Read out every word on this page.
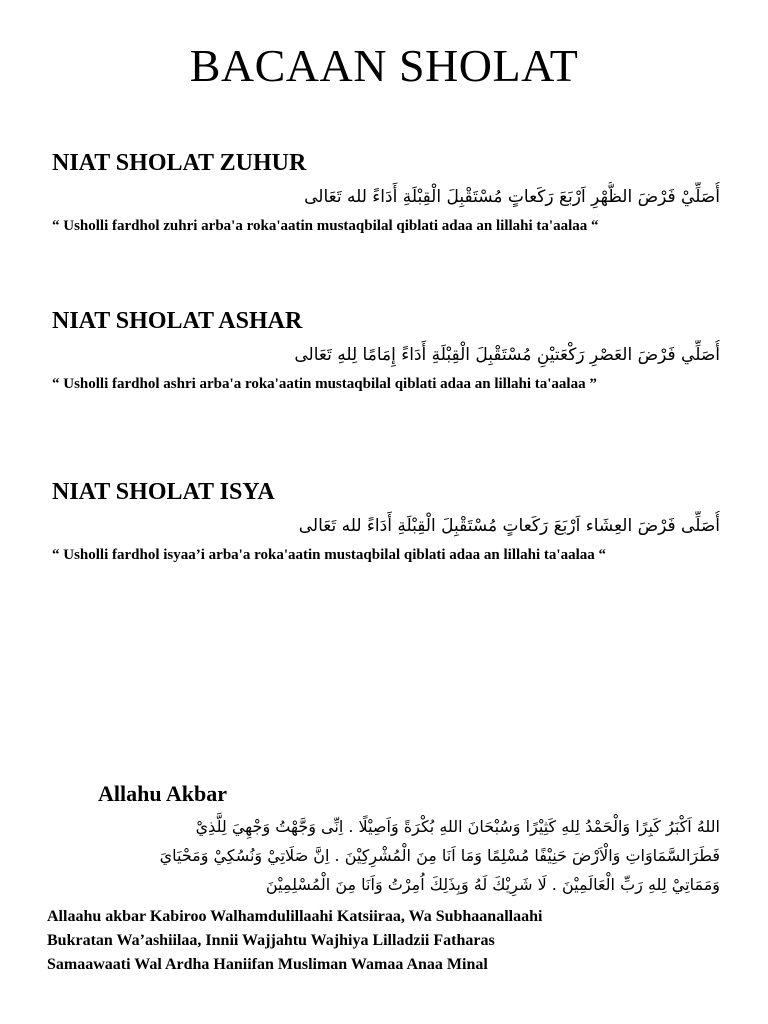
BACAAN SHOLAT
NIAT SHOLAT ZUHUR
أُصَلِّيْ فَرْضَ الظُّهْرِ اَرْبَعَ رَكَعاتٍ مُسْتَقْبِلَ الْقِبْلَةِ أَدَاءً لله تَعَالى
“ Usholli fardhol zuhri arba'a roka'aatin mustaqbilal qiblati adaa an lillahi ta'aalaa “
NIAT SHOLAT ASHAR
أُصَلِّي فَرْضَ العَصْرِ رَكْعَتيْنِ مُسْتَقْبِلَ الْقِبْلَةِ أَدَاءً إِمَامًا لِلهِ تَعَالى
“ Usholli fardhol ashri arba'a roka'aatin mustaqbilal qiblati adaa an lillahi ta'aalaa ”
NIAT SHOLAT ISYA
أُصَلِّى فَرْضَ العِشَاء اَرْبَعَ رَكَعاتٍ مُسْتَقْبِلَ الْقِبْلَةِ أَدَاءً لله تَعَالى
“ Usholli fardhol isyaa’i arba'a roka'aatin mustaqbilal qiblati adaa an lillahi ta'aalaa “
Allahu Akbar
اللهُ اَكْبَرُ كَبِرًا وَالْحَمْدُ لِلهِ كَثِيْرًا وَسُبْحَانَ اللهِ بُكْرَةً وَاَصِيْلًا . اِنِّى وَجَّهْتُ وَجْهِيَ لِلَّذِيْ
فَطَرَالسَّمَاوَاتِ وَالْاَرْضَ حَنِيْفًا مُسْلِمًا وَمَا اَنَا مِنَ الْمُشْرِكِيْنَ . اِنَّ صَلَاتِيْ وَنُسُكِيْ وَمَحْيَايَ
وَمَمَاتِيْ لِلهِ رَبِّ الْعَالَمِيْنَ . لَا شَرِيْكَ لَهُ وَبِذَلِكَ اُمِرْتُ وَاَنَا مِنَ الْمُسْلِمِيْنَ
Allaahu akbar Kabiroo Walhamdulillaahi Katsiiraa, Wa Subhaanallaahi
Bukratan Wa’ashiilaa, Innii Wajjahtu Wajhiya Lilladzii Fatharas
Samaawaati Wal Ardha Haniifan Musliman Wamaa Anaa Minal
